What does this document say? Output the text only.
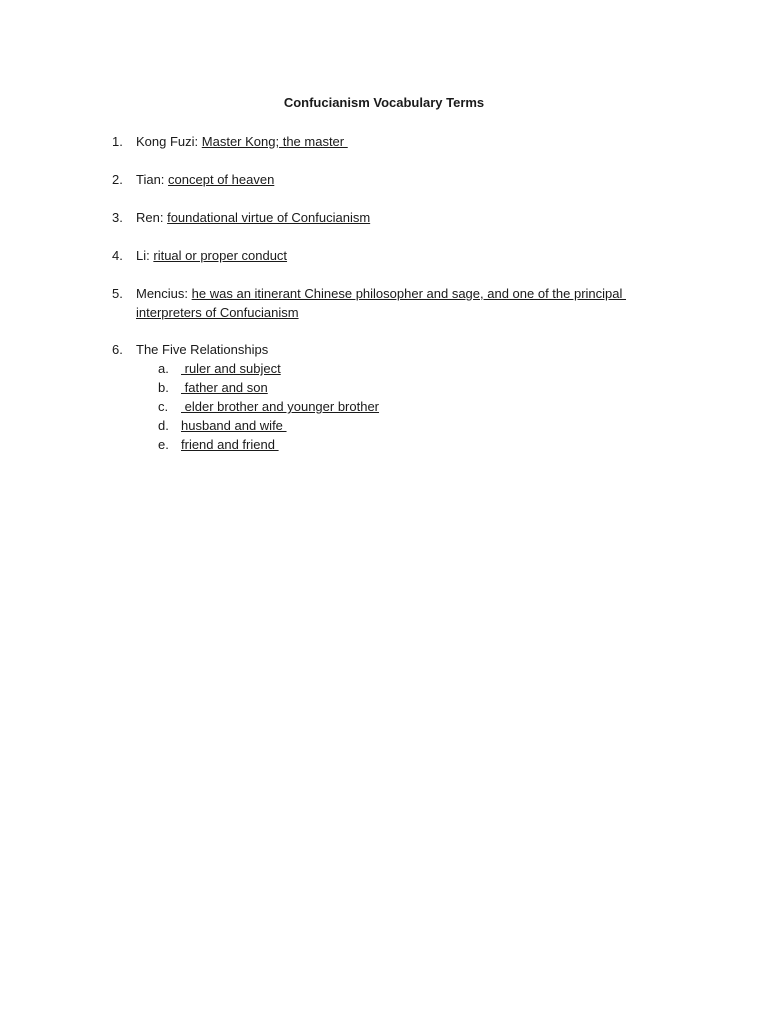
Confucianism Vocabulary Terms
1.	Kong Fuzi: Master Kong; the master
2.	Tian: concept of heaven
3.	Ren: foundational virtue of Confucianism
4.	Li: ritual or proper conduct
5.	Mencius: he was an itinerant Chinese philosopher and sage, and one of the principal
interpreters of Confucianism
6.	The Five Relationships
a. ruler and subject
b. father and son
c. elder brother and younger brother
d. husband and wife
e. friend and friend
